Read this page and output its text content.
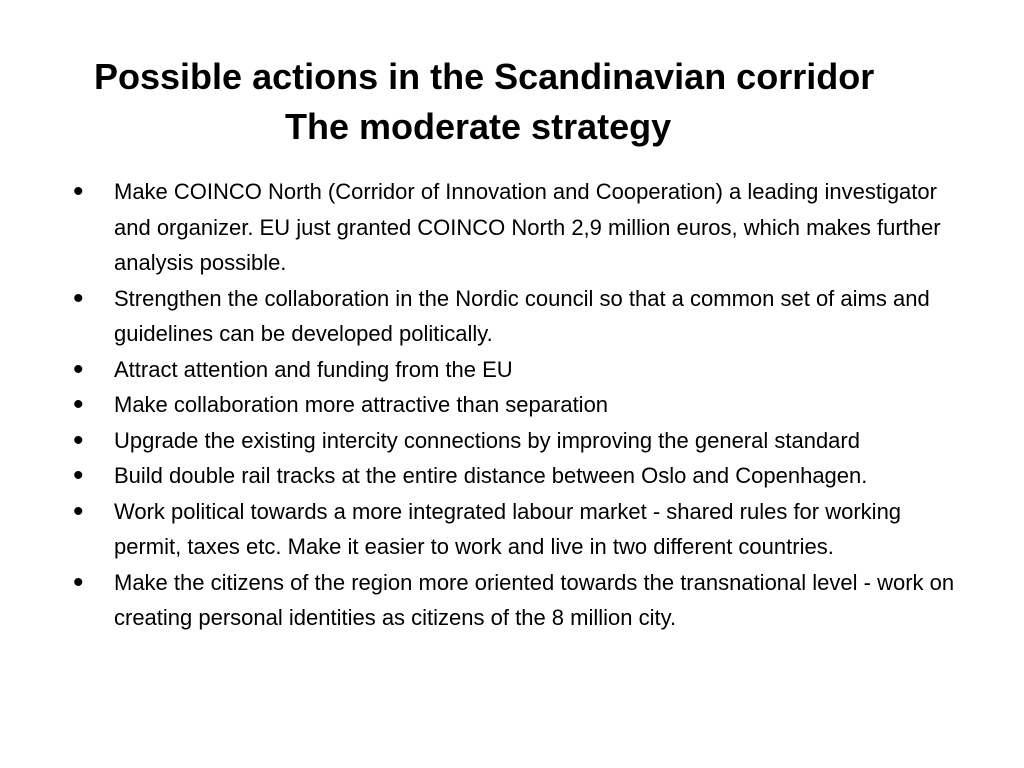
Possible actions in the Scandinavian corridor
The moderate strategy
• Make COINCO North (Corridor of Innovation and Cooperation) a leading investigator and organizer. EU just granted COINCO North 2,9 million euros, which makes further analysis possible.
• Strengthen the collaboration in the Nordic council so that a common set of aims and guidelines can be developed politically.
• Attract attention and funding from the EU
• Make collaboration more attractive than separation
• Upgrade the existing intercity connections by improving the general standard
• Build double rail tracks at the entire distance between Oslo and Copenhagen.
• Work political towards a more integrated labour market - shared rules for working permit, taxes etc. Make it easier to work and live in two different countries.
• Make the citizens of the region more oriented towards the transnational level - work on creating personal identities as citizens of the 8 million city.
